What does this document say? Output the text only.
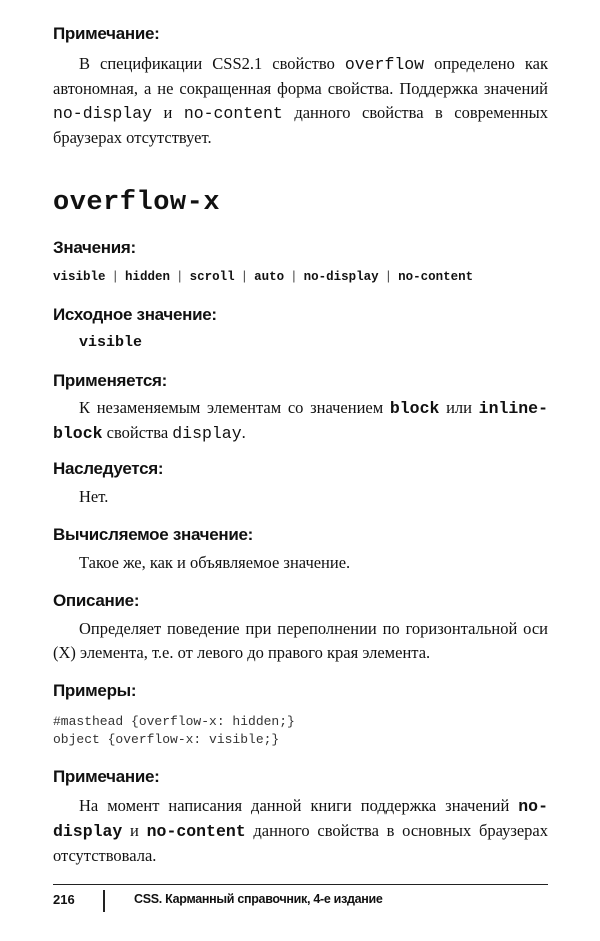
Примечание:

В спецификации CSS2.1 свойство overflow определено как автономная, а не сокращенная форма свойства. Поддержка значений no-display и no-content данного свойства в современных браузерах отсутствует.

overflow-x
Значения:
visible | hidden | scroll | auto | no-display | no-content
Исходное значение:

visible

Применяется:

К незаменяемым элементам со значением block или inline-block свойства display.

Наследуется:

Нет.

Вычисляемое значение:

Такое же, как и объявляемое значение.

Описание:

Определяет поведение при переполнении по горизонтальной оси (X) элемента, т.е. от левого до правого края элемента.

Примеры:
#masthead {overflow-x: hidden;}
object {overflow-x: visible;}
Примечание:

На момент написания данной книги поддержка значений no-display и no-content данного свойства в основных браузерах отсутствовала.

216	CSS. Карманный справочник, 4-е издание
